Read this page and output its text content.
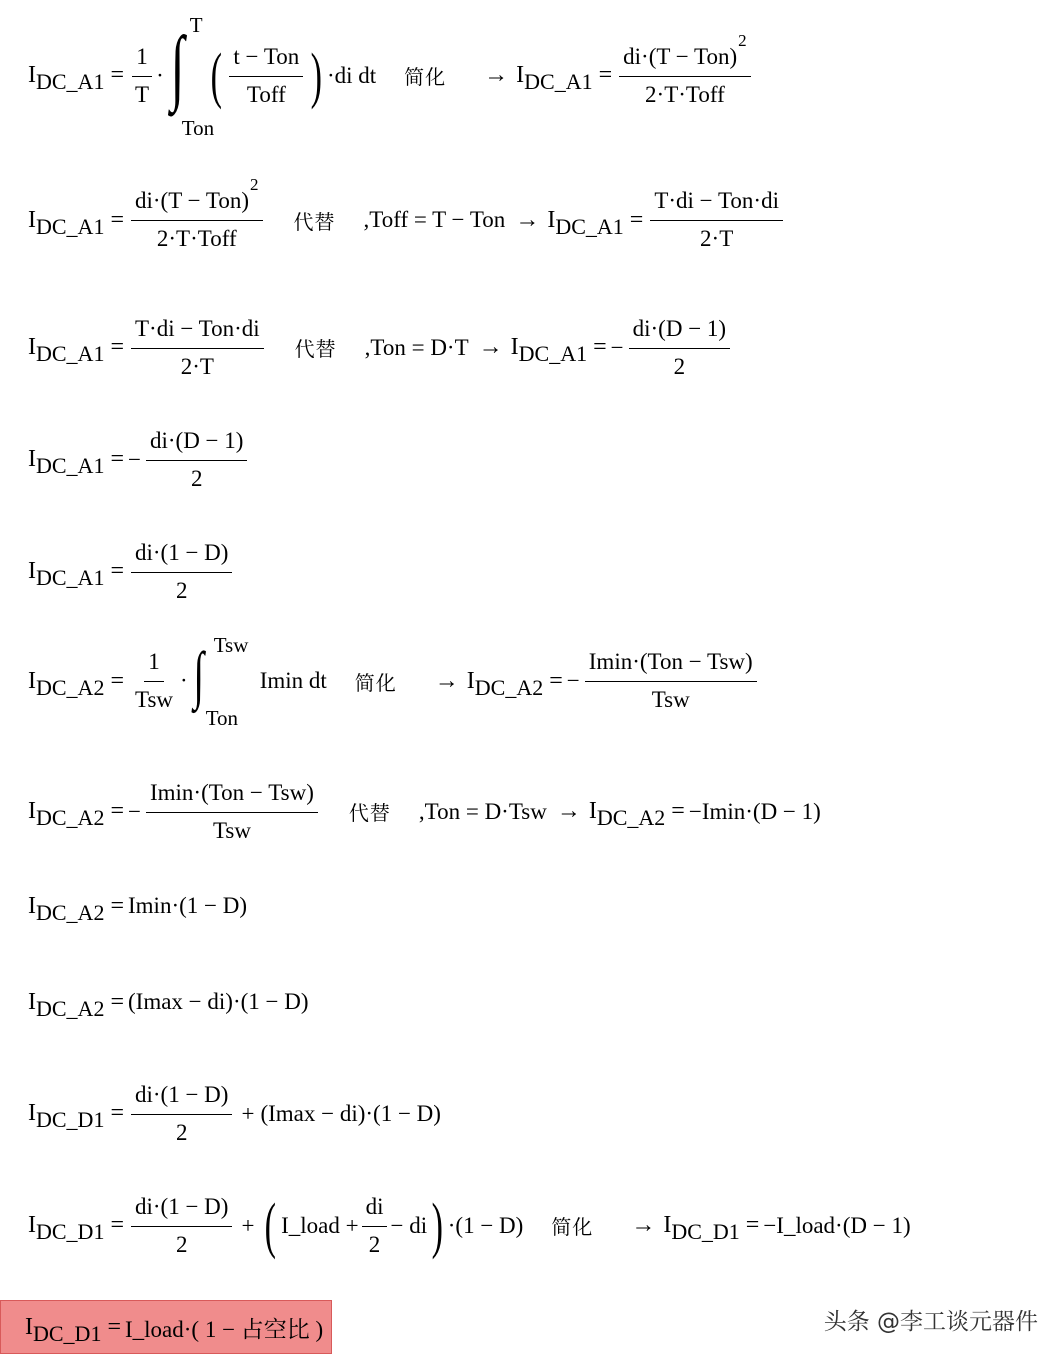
I DC_A1 = $\frac{1}{T}$ · ∫ T
Ton
( $\frac{\text{t − Ton}}{\text{Toff}}$ ) ·di dt 简化 → I DC_A1 = $\frac{di\cdot(T - Ton)^2}{\text{2·T·Toff}}$
I DC_A1 = $\frac{di\cdot(T - Ton)^2}{\text{2·T·Toff}}$ 代替 ,Toff = T − Ton → I DC_A1 = $\frac{\text{T·di − Ton·di}}{2\cdot T}$
I DC_A1 = $\frac{\text{T·di − Ton·di}}{2\cdot T}$ 代替 ,Ton = D·T → I DC_A1 = − $\frac{di\cdot(D - 1)}{2}$
I DC_A1 = − $\frac{di\cdot(D - 1)}{2}$
I DC_A1 = $\frac{di\cdot(1 - D)}{2}$
I DC_A2 = $\frac{1}{\text{Tsw}}$ · ∫ Tsw
Ton
Imin dt 简化 → I DC_A2 = − $\frac{\text{Imin·(Ton − Tsw)}}{\text{Tsw}}$
I DC_A2 = − $\frac{\text{Imin·(Ton − Tsw)}}{\text{Tsw}}$ 代替 ,Ton = D·Tsw → I DC_A2 = −Imin·(D − 1)
I DC_A2 = Imin·(1 − D)
I DC_A2 = (Imax − di)·(1 − D)
I DC_D1 = $\frac{di\cdot(1 - D)}{2} + (Imax - di)\cdot(1 - D)$
I DC_D1 = $\frac{di\cdot(1 - D)}{2}$ + ( I_load + $\frac{di}{2}$ − di ) ·(1 − D) 简化 → I DC_D1 = −I_load·(D − 1)
I DC_D1 = I_load·( 1 − 占空比 )	头条 @李工谈元器件
